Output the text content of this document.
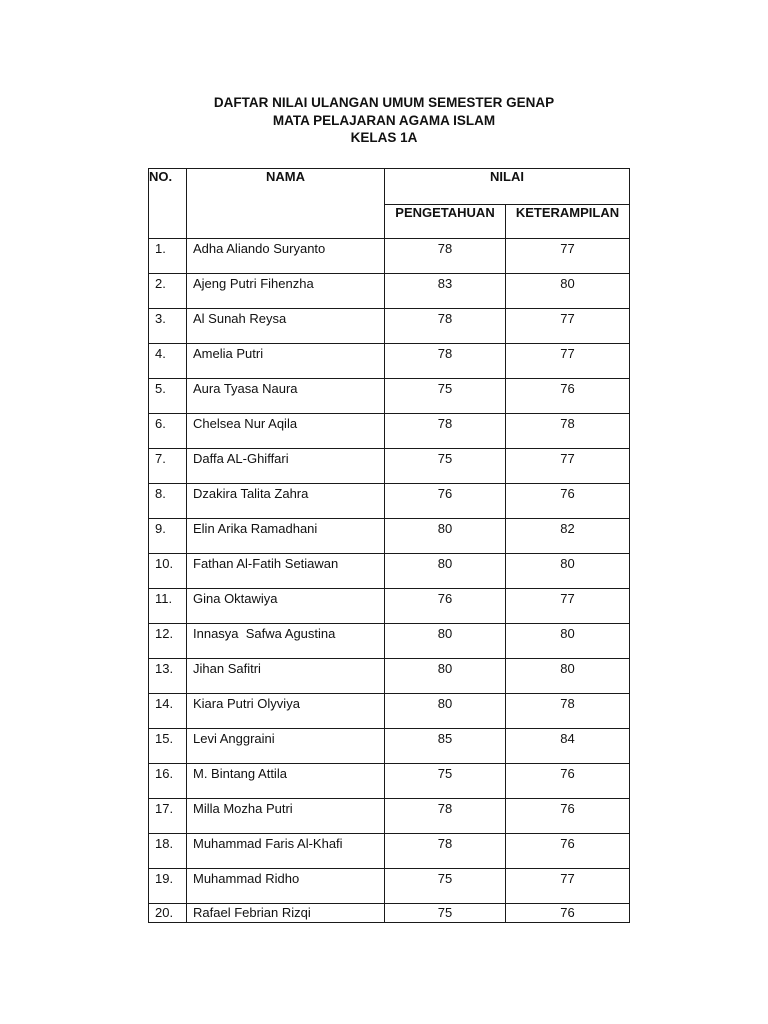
DAFTAR NILAI ULANGAN UMUM SEMESTER GENAP
MATA PELAJARAN AGAMA ISLAM
KELAS 1A
NO.	NAMA	NILAI	
		PENGETAHUAN	KETERAMPILAN
1.	Adha Aliando Suryanto	78	77
2.	Ajeng Putri Fihenzha	83	80
3.	Al Sunah Reysa	78	77
4.	Amelia Putri	78	77
5.	Aura Tyasa Naura	75	76
6.	Chelsea Nur Aqila	78	78
7.	Daffa AL-Ghiffari	75	77
8.	Dzakira Talita Zahra	76	76
9.	Elin Arika Ramadhani	80	82
10.	Fathan Al-Fatih Setiawan	80	80
11.	Gina Oktawiya	76	77
12.	Innasya  Safwa Agustina	80	80
13.	Jihan Safitri	80	80
14.	Kiara Putri Olyviya	80	78
15.	Levi Anggraini	85	84
16.	M. Bintang Attila	75	76
17.	Milla Mozha Putri	78	76
18.	Muhammad Faris Al-Khafi	78	76
19.	Muhammad Ridho	75	77
20.	Rafael Febrian Rizqi	75	76
